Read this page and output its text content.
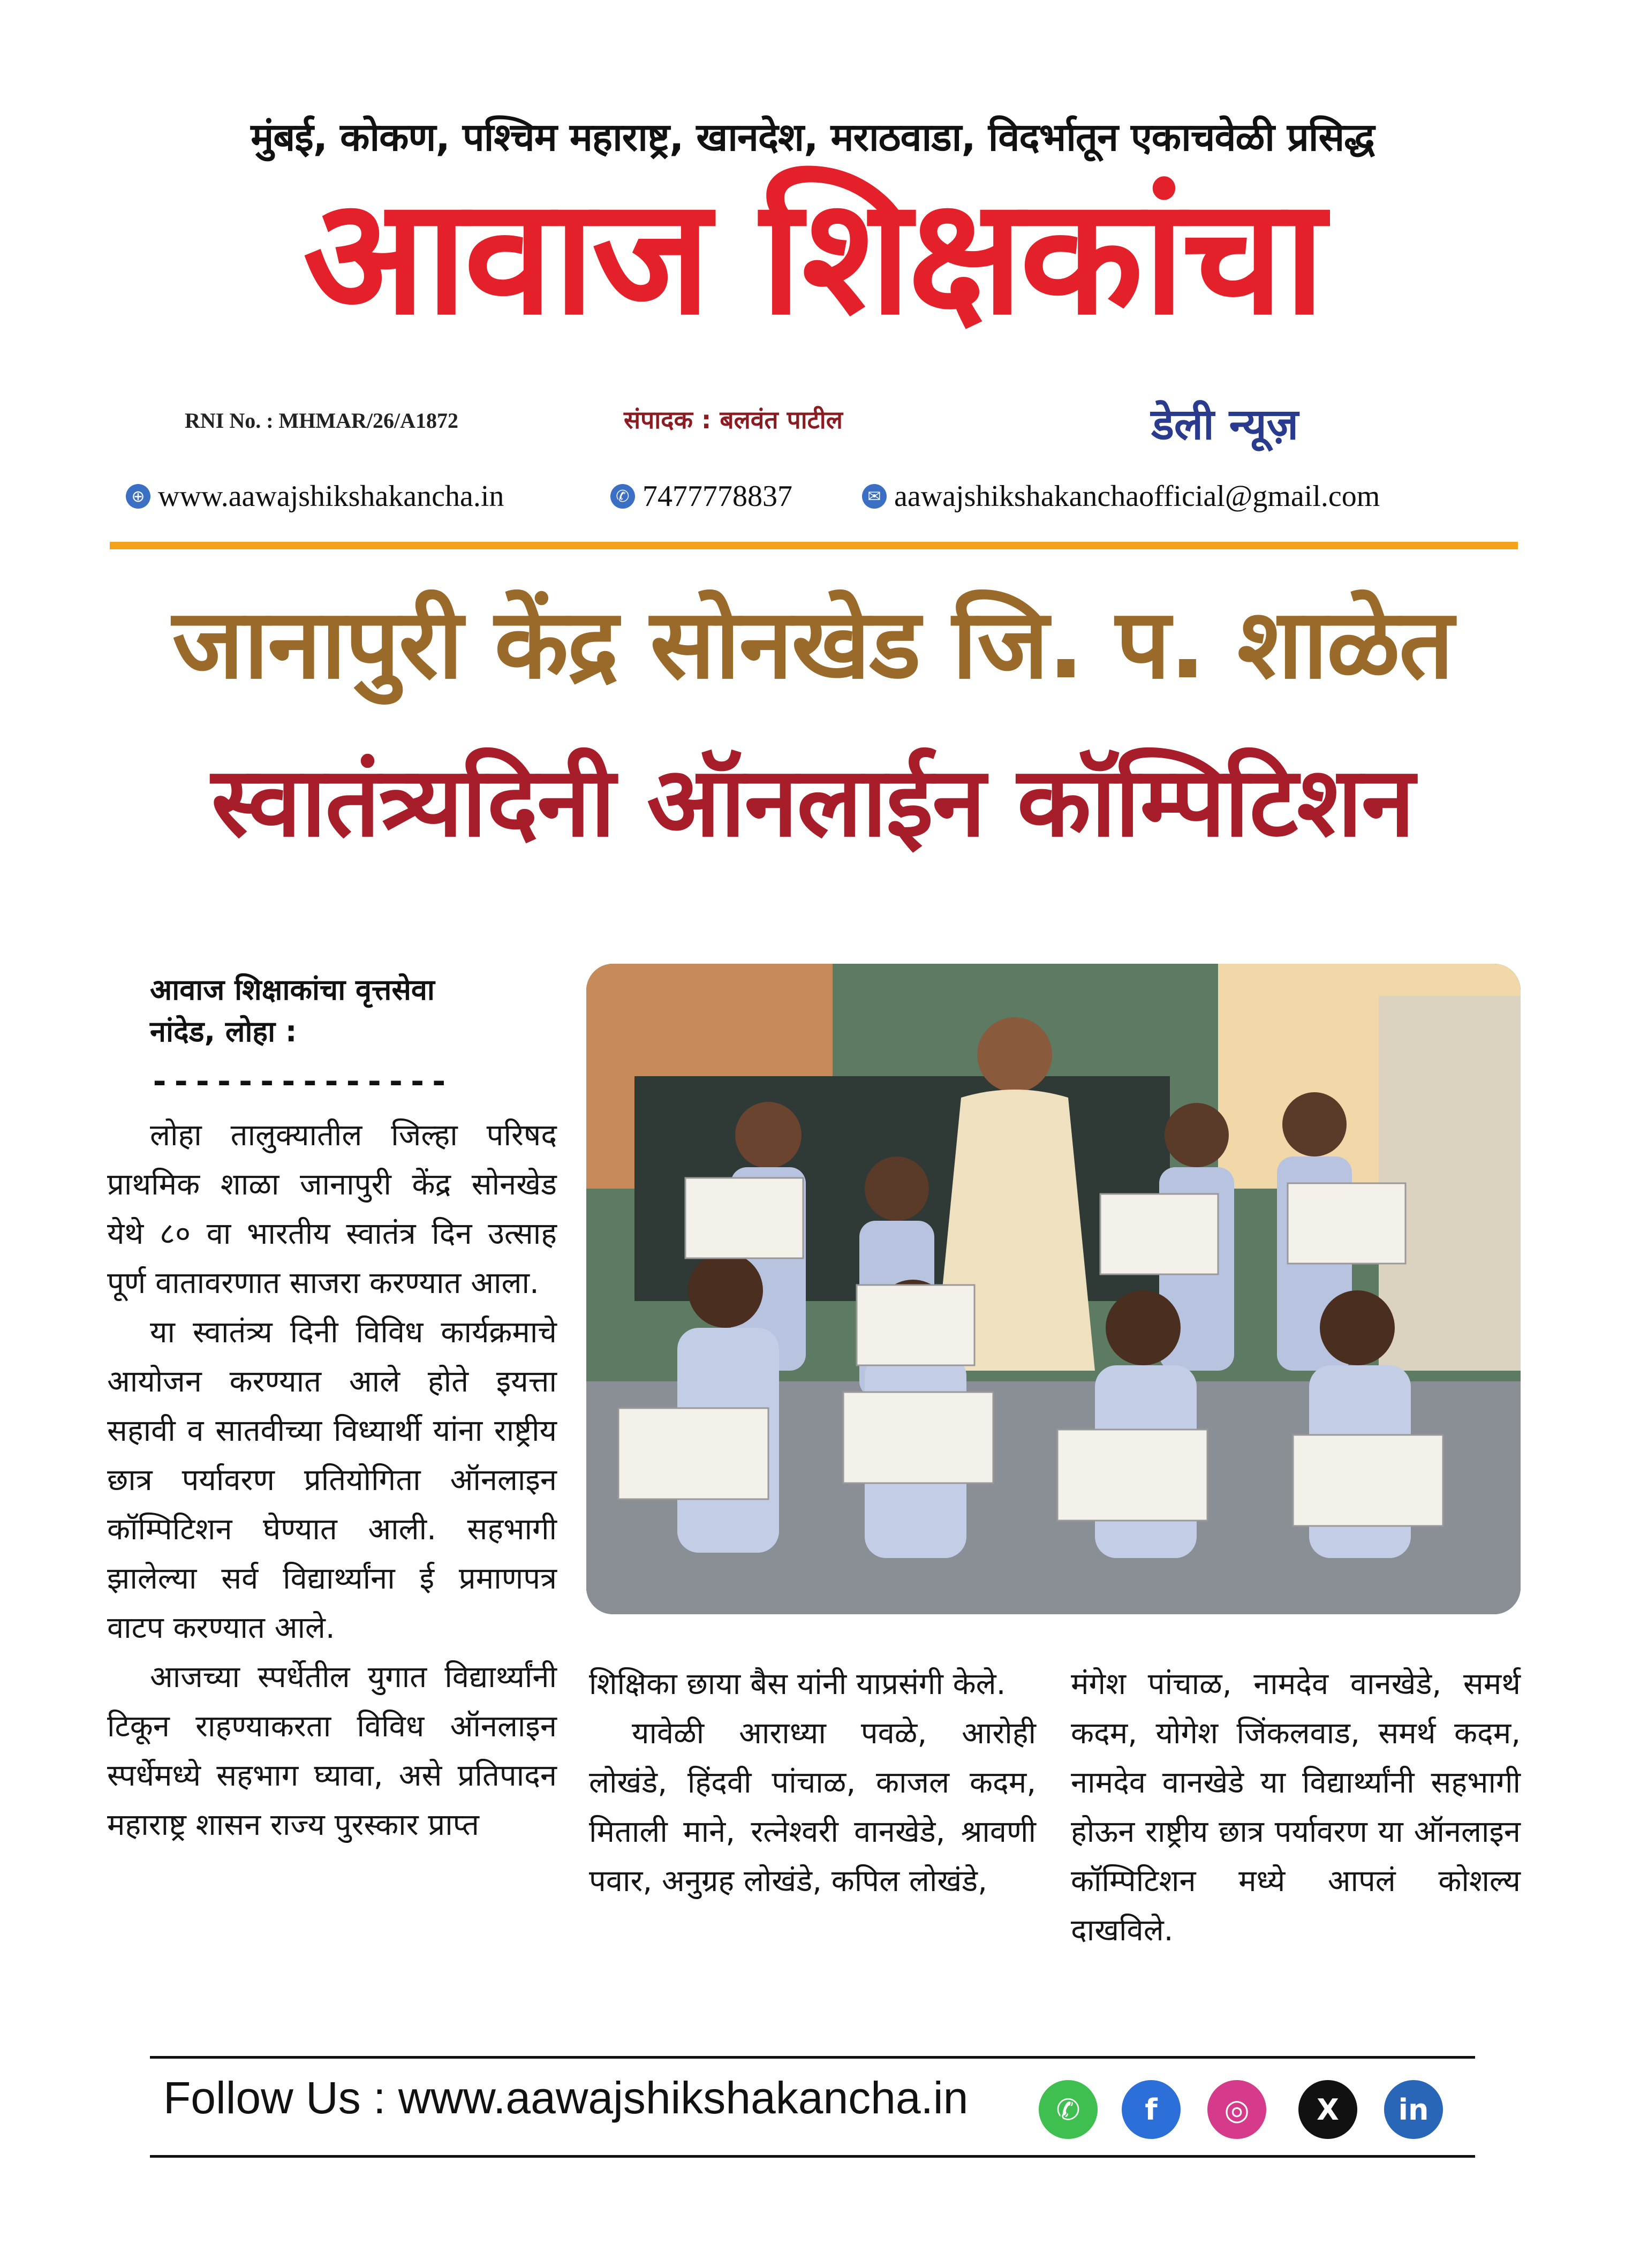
मुंबई, कोकण, पश्चिम महाराष्ट्र, खानदेश, मराठवाडा, विदर्भातून एकाचवेळी प्रसिद्ध
आवाज शिक्षकांचा
RNI No. : MHMAR/26/A1872	संपादक : बलवंत पाटील	डेली न्यूज़
⊕ www.aawajshikshakancha.in	✆ 7477778837	✉ aawajshikshakanchaofficial@gmail.com
जानापुरी केंद्र सोनखेड जि. प. शाळेत
स्वातंत्र्यदिनी ऑनलाईन कॉम्पिटिशन
आवाज शिक्षाकांचा वृत्तसेवा
नांदेड, लोहा :
--------------

लोहा तालुक्यातील जिल्हा परिषद प्राथमिक शाळा जानापुरी केंद्र सोनखेड येथे ८० वा भारतीय स्वातंत्र दिन उत्साह पूर्ण वातावरणात साजरा करण्यात आला.

या स्वातंत्र्य दिनी विविध कार्यक्रमाचे आयोजन करण्यात आले होते इयत्ता सहावी व सातवीच्या विध्यार्थी यांना राष्ट्रीय छात्र पर्यावरण प्रतियोगिता ऑनलाइन कॉम्पिटिशन घेण्यात आली. सहभागी झालेल्या सर्व विद्यार्थ्यांना ई प्रमाणपत्र वाटप करण्यात आले.

आजच्या स्पर्धेतील युगात विद्यार्थ्यांनी टिकून राहण्याकरता विविध ऑनलाइन स्पर्धेमध्ये सहभाग घ्यावा, असे प्रतिपादन महाराष्ट्र शासन राज्य पुरस्कार प्राप्त

शिक्षिका छाया बैस यांनी याप्रसंगी केले.

यावेळी आराध्या पवळे, आरोही लोखंडे, हिंदवी पांचाळ, काजल कदम, मिताली माने, रत्नेश्वरी वानखेडे, श्रावणी पवार, अनुग्रह लोखंडे, कपिल लोखंडे,

मंगेश पांचाळ, नामदेव वानखेडे, समर्थ कदम, योगेश जिंकलवाड, समर्थ कदम, नामदेव वानखेडे या विद्यार्थ्यांनी सहभागी होऊन राष्ट्रीय छात्र पर्यावरण या ऑनलाइन कॉम्पिटिशन मध्ये आपलं कोशल्य दाखविले.

Follow Us : www.aawajshikshakancha.in	✆	f	◎	X	in
